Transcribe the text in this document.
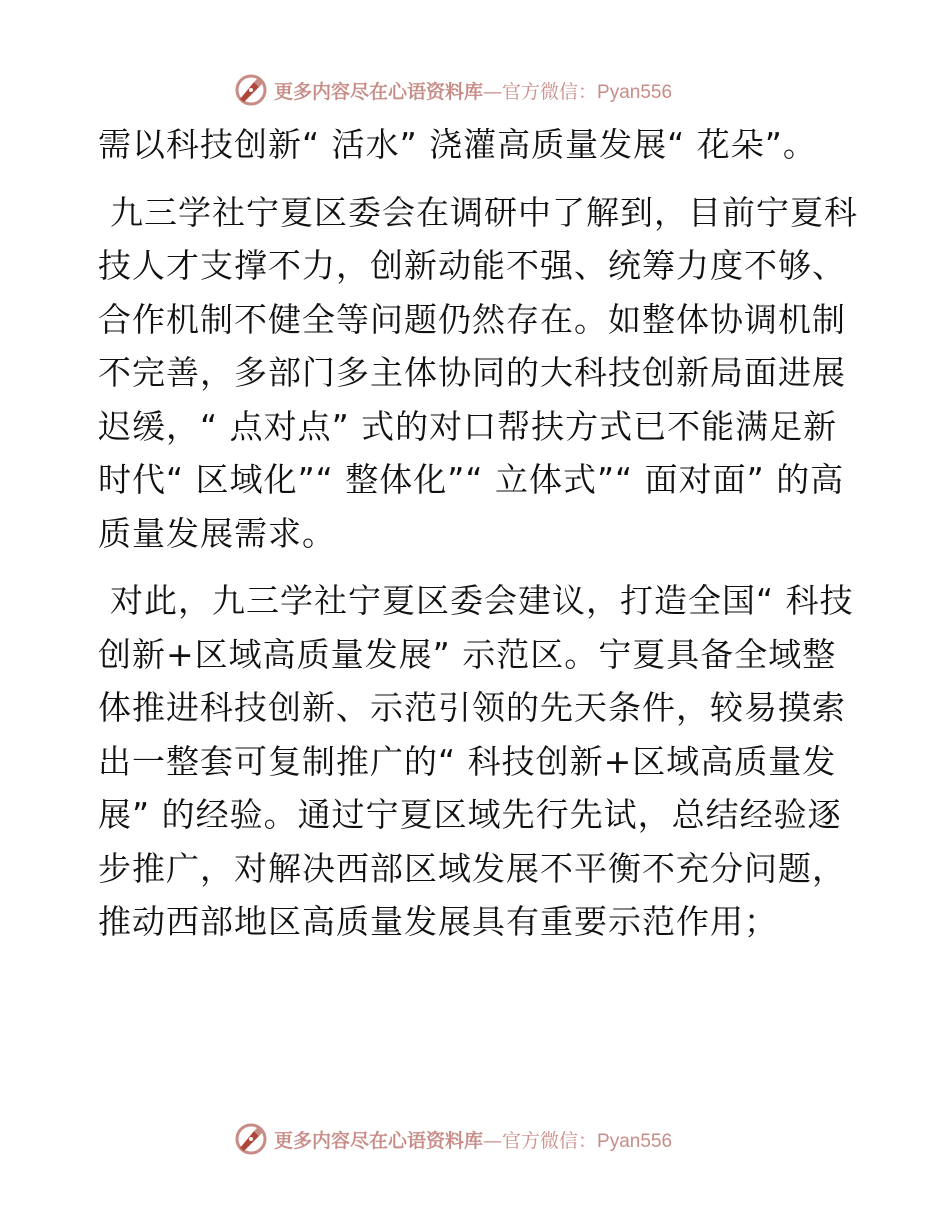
更多内容尽在心语资料库—官方微信：Pyan556

需以科技创新“ 活水” 浇灌高质量发展“ 花朵”。

九三学社宁夏区委会在调研中了解到，目前宁夏科技人才支撑不力，创新动能不强、统筹力度不够、合作机制不健全等问题仍然存在。如整体协调机制不完善，多部门多主体协同的大科技创新局面进展迟缓，“ 点对点” 式的对口帮扶方式已不能满足新时代“ 区域化”“ 整体化”“ 立体式”“ 面对面” 的高质量发展需求。

对此，九三学社宁夏区委会建议，打造全国“ 科技创新+区域高质量发展” 示范区。宁夏具备全域整体推进科技创新、示范引领的先天条件，较易摸索出一整套可复制推广的“ 科技创新+区域高质量发展” 的经验。通过宁夏区域先行先试，总结经验逐步推广，对解决西部区域发展不平衡不充分问题，推动西部地区高质量发展具有重要示范作用；

更多内容尽在心语资料库—官方微信：Pyan556
